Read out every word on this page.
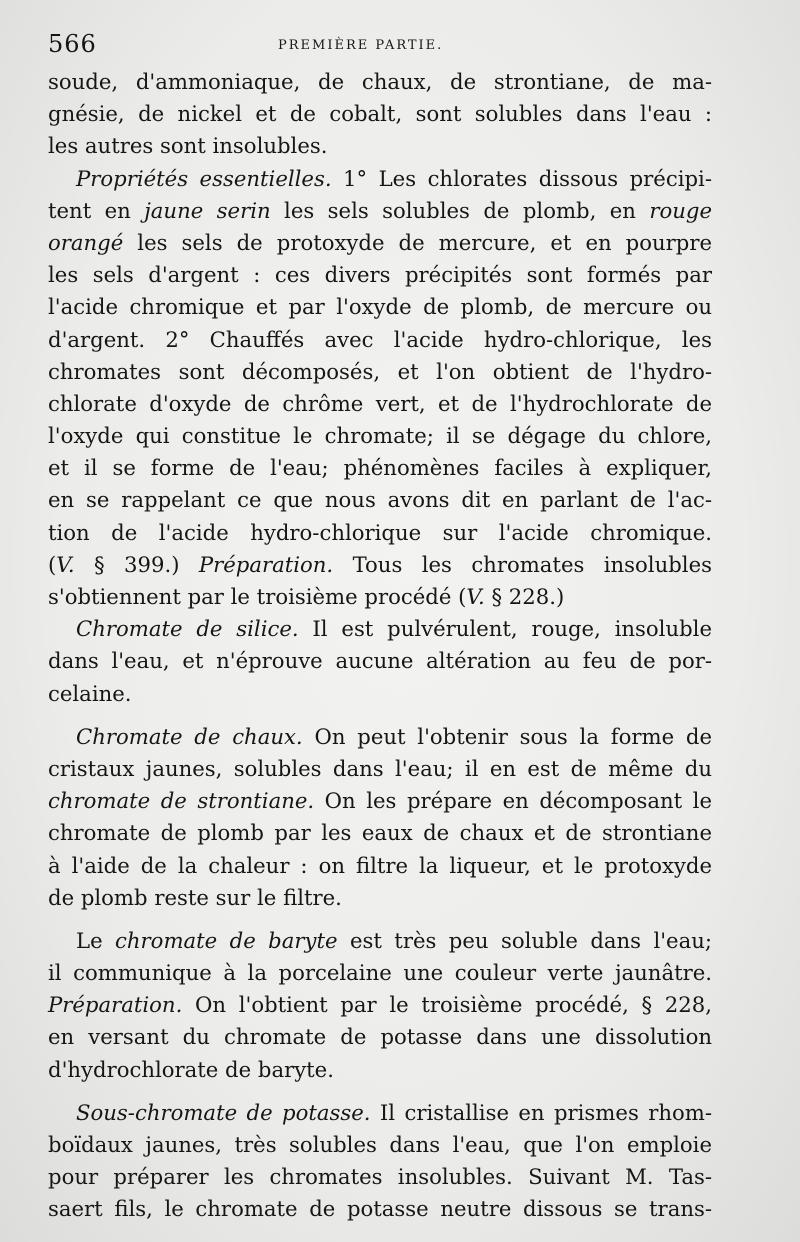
566	PREMIÈRE PARTIE.
soude, d'ammoniaque, de chaux, de strontiane, de ma-
gnésie, de nickel et de cobalt, sont solubles dans l'eau :
les autres sont insolubles.
Propriétés essentielles. 1° Les chlorates dissous précipi-
tent en jaune serin les sels solubles de plomb, en rouge
orangé les sels de protoxyde de mercure, et en pourpre
les sels d'argent : ces divers précipités sont formés par
l'acide chromique et par l'oxyde de plomb, de mercure ou
d'argent. 2° Chauffés avec l'acide hydro-chlorique, les
chromates sont décomposés, et l'on obtient de l'hydro-
chlorate d'oxyde de chrôme vert, et de l'hydrochlorate de
l'oxyde qui constitue le chromate; il se dégage du chlore,
et il se forme de l'eau; phénomènes faciles à expliquer,
en se rappelant ce que nous avons dit en parlant de l'ac-
tion de l'acide hydro-chlorique sur l'acide chromique.
(V. § 399.) Préparation. Tous les chromates insolubles
s'obtiennent par le troisième procédé (V. § 228.)
Chromate de silice. Il est pulvérulent, rouge, insoluble
dans l'eau, et n'éprouve aucune altération au feu de por-
celaine.
Chromate de chaux. On peut l'obtenir sous la forme de
cristaux jaunes, solubles dans l'eau; il en est de même du
chromate de strontiane. On les prépare en décomposant le
chromate de plomb par les eaux de chaux et de strontiane
à l'aide de la chaleur : on filtre la liqueur, et le protoxyde
de plomb reste sur le filtre.
Le chromate de baryte est très peu soluble dans l'eau;
il communique à la porcelaine une couleur verte jaunâtre.
Préparation. On l'obtient par le troisième procédé, § 228,
en versant du chromate de potasse dans une dissolution
d'hydrochlorate de baryte.
Sous-chromate de potasse. Il cristallise en prismes rhom-
boïdaux jaunes, très solubles dans l'eau, que l'on emploie
pour préparer les chromates insolubles. Suivant M. Tas-
saert fils, le chromate de potasse neutre dissous se trans-
